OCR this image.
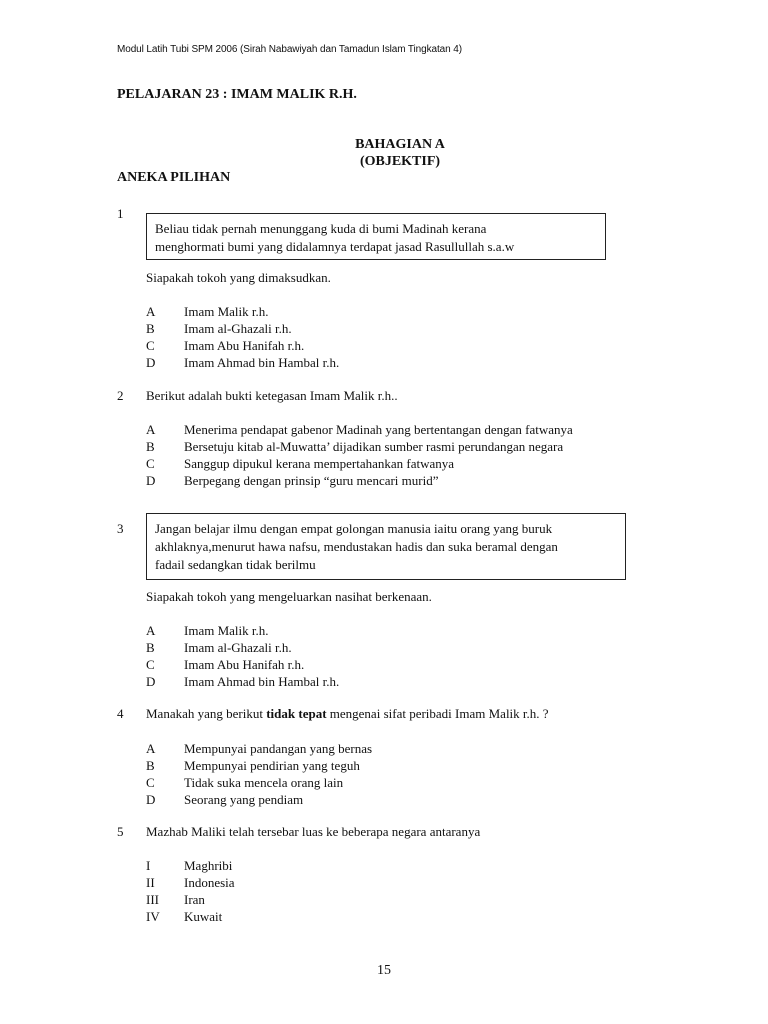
Modul Latih Tubi SPM 2006 (Sirah Nabawiyah dan Tamadun Islam Tingkatan 4)
PELAJARAN 23 : IMAM MALIK R.H.
BAHAGIAN A
(OBJEKTIF)
ANEKA PILIHAN
1
Beliau tidak pernah menunggang kuda di bumi Madinah kerana
menghormati bumi yang didalamnya terdapat jasad Rasullullah s.a.w
Siapakah tokoh yang dimaksudkan.
A	Imam Malik r.h.
B	Imam al-Ghazali r.h.
C	Imam Abu Hanifah r.h.
D	Imam Ahmad bin Hambal r.h.
2 Berikut adalah bukti ketegasan Imam Malik r.h..
A	Menerima pendapat gabenor Madinah yang bertentangan dengan fatwanya
B	Bersetuju kitab al-Muwatta’ dijadikan sumber rasmi perundangan negara
C	Sanggup dipukul kerana mempertahankan fatwanya
D	Berpegang dengan prinsip “guru mencari murid”
3 Jangan belajar ilmu dengan empat golongan manusia iaitu orang yang buruk
akhlaknya,menurut hawa nafsu, mendustakan hadis dan suka beramal dengan
fadail sedangkan tidak berilmu
Siapakah tokoh yang mengeluarkan nasihat berkenaan.
A	Imam Malik r.h.
B	Imam al-Ghazali r.h.
C	Imam Abu Hanifah r.h.
D	Imam Ahmad bin Hambal r.h.
4 Manakah yang berikut tidak tepat mengenai sifat peribadi Imam Malik r.h. ?
A	Mempunyai pandangan yang bernas
B	Mempunyai pendirian yang teguh
C	Tidak suka mencela orang lain
D	Seorang yang pendiam
5 Mazhab Maliki telah tersebar luas ke beberapa negara antaranya
I	Maghribi
II	Indonesia
III	Iran
IV	Kuwait
15
